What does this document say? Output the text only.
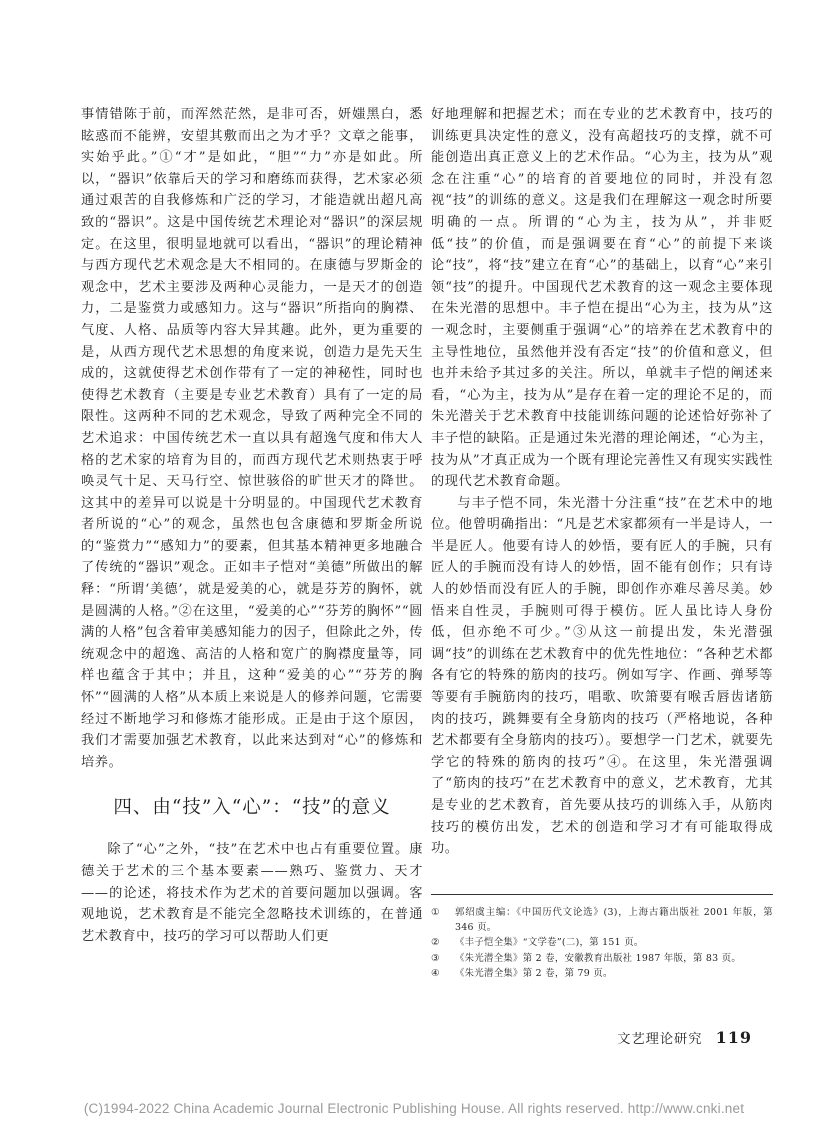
事情错陈于前，而浑然茫然，是非可否，妍媸黑白，悉眩惑而不能辨，安望其敷而出之为才乎？文章之能事，实始乎此。”①“才”是如此，“胆”“力”亦是如此。所以，“器识”依靠后天的学习和磨练而获得，艺术家必须通过艰苦的自我修炼和广泛的学习，才能造就出超凡高致的“器识”。这是中国传统艺术理论对“器识”的深层规定。在这里，很明显地就可以看出，“器识”的理论精神与西方现代艺术观念是大不相同的。在康德与罗斯金的观念中，艺术主要涉及两种心灵能力，一是天才的创造力，二是鉴赏力或感知力。这与“器识”所指向的胸襟、气度、人格、品质等内容大异其趣。此外，更为重要的是，从西方现代艺术思想的角度来说，创造力是先天生成的，这就使得艺术创作带有了一定的神秘性，同时也使得艺术教育（主要是专业艺术教育）具有了一定的局限性。这两种不同的艺术观念，导致了两种完全不同的艺术追求：中国传统艺术一直以具有超逸气度和伟大人格的艺术家的培育为目的，而西方现代艺术则热衷于呼唤灵气十足、天马行空、惊世骇俗的旷世天才的降世。这其中的差异可以说是十分明显的。中国现代艺术教育者所说的“心”的观念，虽然也包含康德和罗斯金所说的“鉴赏力”“感知力”的要素，但其基本精神更多地融合了传统的“器识”观念。正如丰子恺对“美德”所做出的解释：“所谓‘美德’，就是爱美的心，就是芬芳的胸怀，就是圆满的人格。”②在这里，“爱美的心”“芬芳的胸怀”“圆满的人格”包含着审美感知能力的因子，但除此之外，传统观念中的超逸、高洁的人格和宽广的胸襟度量等，同样也蕴含于其中；并且，这种“爱美的心”“芬芳的胸怀”“圆满的人格”从本质上来说是人的修养问题，它需要经过不断地学习和修炼才能形成。正是由于这个原因，我们才需要加强艺术教育，以此来达到对“心”的修炼和培养。

四、由“技”入“心”：“技”的意义

除了“心”之外，“技”在艺术中也占有重要位置。康德关于艺术的三个基本要素——熟巧、鉴赏力、天才——的论述，将技术作为艺术的首要问题加以强调。客观地说，艺术教育是不能完全忽略技术训练的，在普通艺术教育中，技巧的学习可以帮助人们更

好地理解和把握艺术；而在专业的艺术教育中，技巧的训练更具决定性的意义，没有高超技巧的支撑，就不可能创造出真正意义上的艺术作品。“心为主，技为从”观念在注重“心”的培育的首要地位的同时，并没有忽视“技”的训练的意义。这是我们在理解这一观念时所要明确的一点。所谓的“心为主，技为从”，并非贬低“技”的价值，而是强调要在育“心”的前提下来谈论“技”，将“技”建立在育“心”的基础上，以育“心”来引领“技”的提升。中国现代艺术教育的这一观念主要体现在朱光潜的思想中。丰子恺在提出“心为主，技为从”这一观念时，主要侧重于强调“心”的培养在艺术教育中的主导性地位，虽然他并没有否定“技”的价值和意义，但也并未给予其过多的关注。所以，单就丰子恺的阐述来看，“心为主，技为从”是存在着一定的理论不足的，而朱光潜关于艺术教育中技能训练问题的论述恰好弥补了丰子恺的缺陷。正是通过朱光潜的理论阐述，“心为主，技为从”才真正成为一个既有理论完善性又有现实实践性的现代艺术教育命题。

与丰子恺不同，朱光潜十分注重“技”在艺术中的地位。他曾明确指出：“凡是艺术家都须有一半是诗人，一半是匠人。他要有诗人的妙悟，要有匠人的手腕，只有匠人的手腕而没有诗人的妙悟，固不能有创作；只有诗人的妙悟而没有匠人的手腕，即创作亦难尽善尽美。妙悟来自性灵，手腕则可得于模仿。匠人虽比诗人身份低，但亦绝不可少。”③从这一前提出发，朱光潜强调“技”的训练在艺术教育中的优先性地位：“各种艺术都各有它的特殊的筋肉的技巧。例如写字、作画、弹琴等等要有手腕筋肉的技巧，唱歌、吹箫要有喉舌唇齿诸筋肉的技巧，跳舞要有全身筋肉的技巧（严格地说，各种艺术都要有全身筋肉的技巧）。要想学一门艺术，就要先学它的特殊的筋肉的技巧”④。在这里，朱光潜强调了“筋肉的技巧”在艺术教育中的意义，艺术教育，尤其是专业的艺术教育，首先要从技巧的训练入手，从筋肉技巧的模仿出发，艺术的创造和学习才有可能取得成功。

①	郭绍虞主编：《中国历代文论选》(3)，上海古籍出版社 2001 年版，第 346 页。
②	《丰子恺全集》“文学卷”(二)，第 151 页。
③	《朱光潜全集》第 2 卷，安徽教育出版社 1987 年版，第 83 页。
④	《朱光潜全集》第 2 卷，第 79 页。
文艺理论研究 119
(C)1994-2022 China Academic Journal Electronic Publishing House. All rights reserved. http://www.cnki.net
